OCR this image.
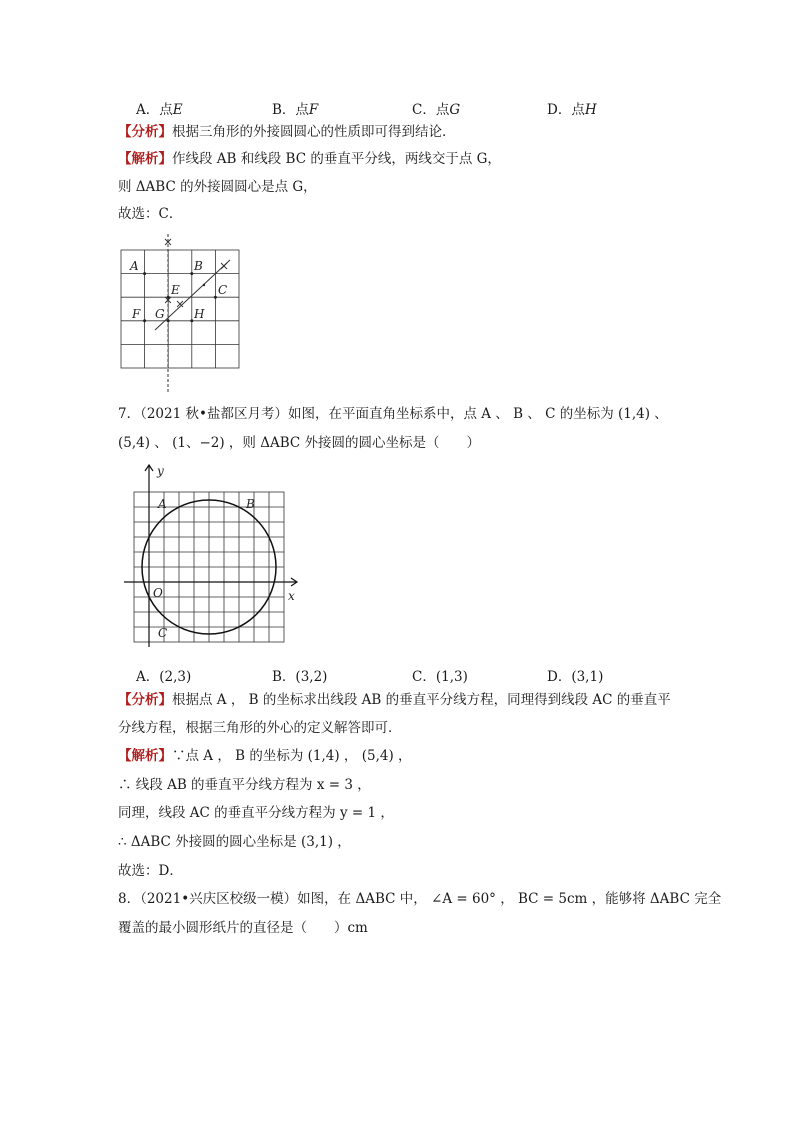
A．点E	B．点F	C．点G	D．点H
【分析】根据三角形的外接圆圆心的性质即可得到结论．
【解析】作线段 AB 和线段 BC 的垂直平分线，两线交于点 G，
则 ΔABC 的外接圆圆心是点 G，
故选：C．
A	B
C
E
F G H
7．（2021 秋•盐都区月考）如图，在平面直角坐标系中，点 A 、 B 、 C 的坐标为 (1,4) 、
(5,4) 、 (1、−2) ，则 ΔABC 外接圆的圆心坐标是（　　）
y
x
O
A	B
C
A．(2,3)	B．(3,2)	C．(1,3)	D．(3,1)
【分析】根据点 A ， B 的坐标求出线段 AB 的垂直平分线方程，同理得到线段 AC 的垂直平
分线方程，根据三角形的外心的定义解答即可．
【解析】∵点 A ， B 的坐标为 (1,4) ， (5,4) ，
∴ 线段 AB 的垂直平分线方程为 x = 3 ，
同理，线段 AC 的垂直平分线方程为 y = 1 ，
∴ ΔABC 外接圆的圆心坐标是 (3,1) ，
故选：D．
8．（2021•兴庆区校级一模）如图，在 ΔABC 中， ∠A = 60° ， BC = 5cm ，能够将 ΔABC 完全
覆盖的最小圆形纸片的直径是（　　）cm
